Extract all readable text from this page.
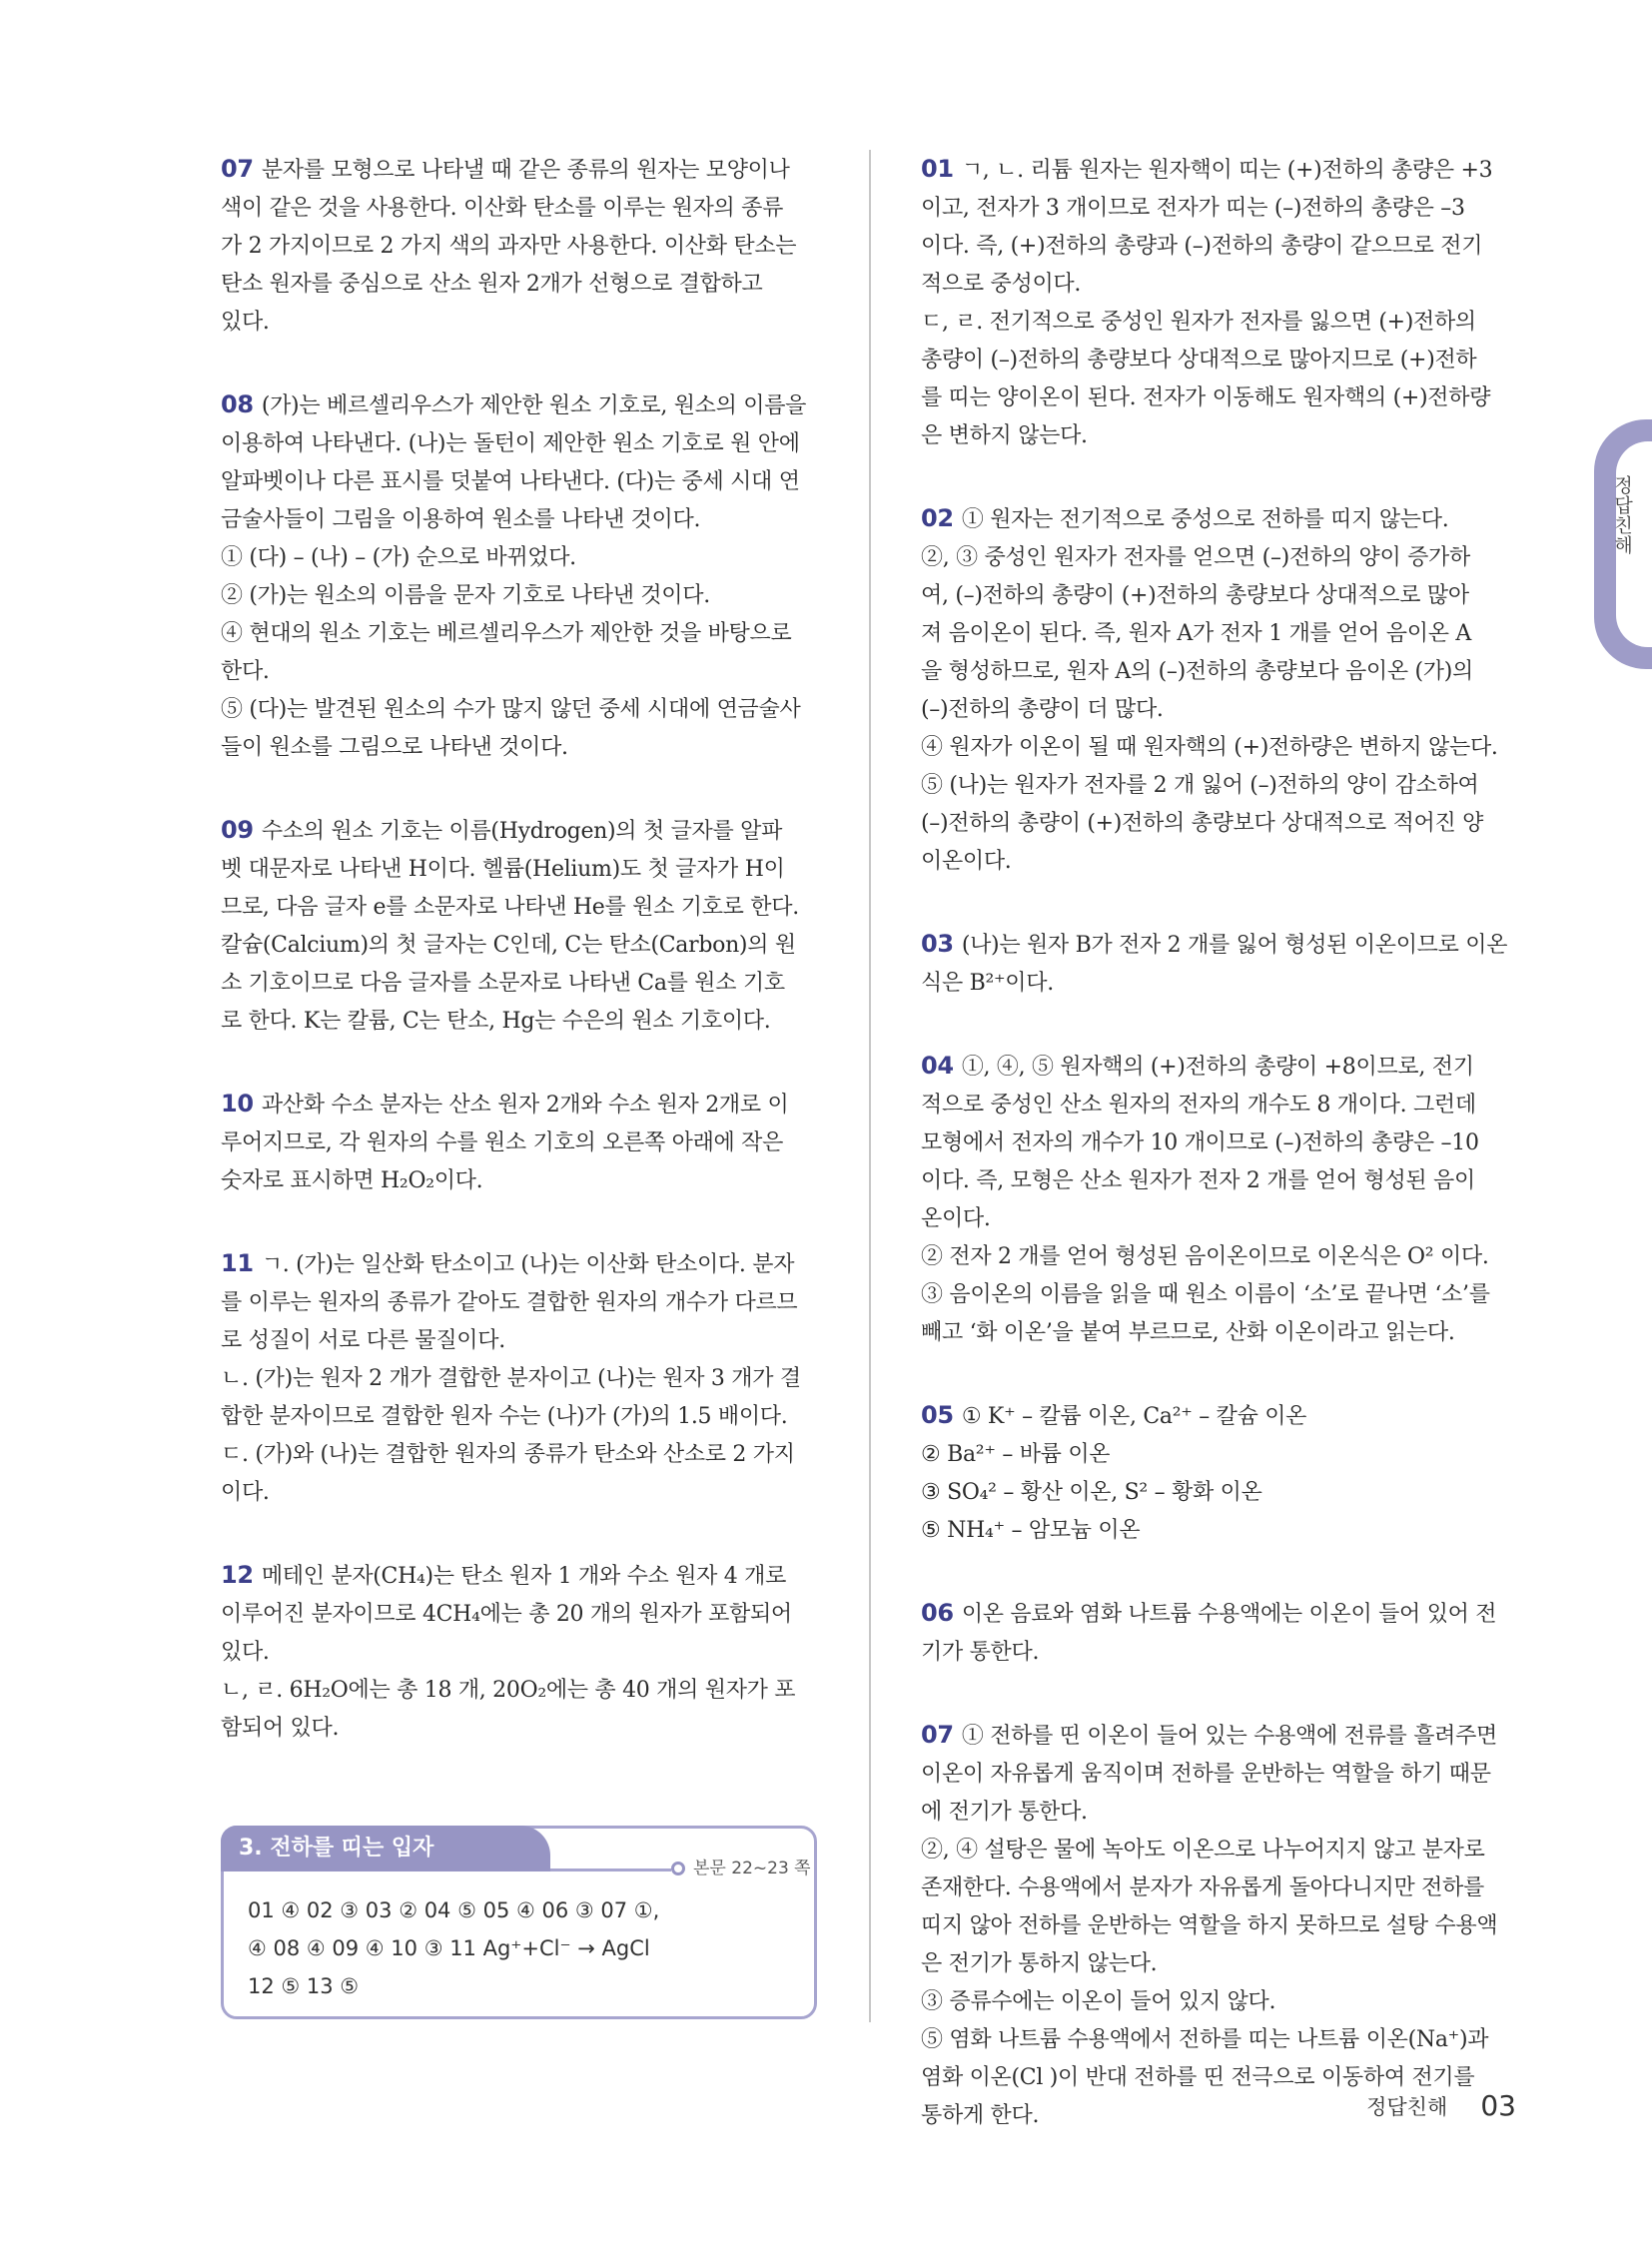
07 분자를 모형으로 나타낼 때 같은 종류의 원자는 모양이나

색이 같은 것을 사용한다. 이산화 탄소를 이루는 원자의 종류

가 2 가지이므로 2 가지 색의 과자만 사용한다. 이산화 탄소는

탄소 원자를 중심으로 산소 원자 2개가 선형으로 결합하고

있다.

08 (가)는 베르셀리우스가 제안한 원소 기호로, 원소의 이름을

이용하여 나타낸다. (나)는 돌턴이 제안한 원소 기호로 원 안에

알파벳이나 다른 표시를 덧붙여 나타낸다. (다)는 중세 시대 연

금술사들이 그림을 이용하여 원소를 나타낸 것이다.

① (다) – (나) – (가) 순으로 바뀌었다.

② (가)는 원소의 이름을 문자 기호로 나타낸 것이다.

④ 현대의 원소 기호는 베르셀리우스가 제안한 것을 바탕으로

한다.

⑤ (다)는 발견된 원소의 수가 많지 않던 중세 시대에 연금술사

들이 원소를 그림으로 나타낸 것이다.

09 수소의 원소 기호는 이름(Hydrogen)의 첫 글자를 알파

벳 대문자로 나타낸 H이다. 헬륨(Helium)도 첫 글자가 H이

므로, 다음 글자 e를 소문자로 나타낸 He를 원소 기호로 한다.

칼슘(Calcium)의 첫 글자는 C인데, C는 탄소(Carbon)의 원

소 기호이므로 다음 글자를 소문자로 나타낸 Ca를 원소 기호

로 한다. K는 칼륨, C는 탄소, Hg는 수은의 원소 기호이다.

10 과산화 수소 분자는 산소 원자 2개와 수소 원자 2개로 이

루어지므로, 각 원자의 수를 원소 기호의 오른쪽 아래에 작은

숫자로 표시하면 H₂O₂이다.

11 ㄱ. (가)는 일산화 탄소이고 (나)는 이산화 탄소이다. 분자

를 이루는 원자의 종류가 같아도 결합한 원자의 개수가 다르므

로 성질이 서로 다른 물질이다.

ㄴ. (가)는 원자 2 개가 결합한 분자이고 (나)는 원자 3 개가 결

합한 분자이므로 결합한 원자 수는 (나)가 (가)의 1.5 배이다.

ㄷ. (가)와 (나)는 결합한 원자의 종류가 탄소와 산소로 2 가지

이다.

12 메테인 분자(CH₄)는 탄소 원자 1 개와 수소 원자 4 개로

이루어진 분자이므로 4CH₄에는 총 20 개의 원자가 포함되어

있다.

ㄴ, ㄹ. 6H₂O에는 총 18 개, 20O₂에는 총 40 개의 원자가 포

함되어 있다.

01 ㄱ, ㄴ. 리튬 원자는 원자핵이 띠는 (+)전하의 총량은 +3

이고, 전자가 3 개이므로 전자가 띠는 (–)전하의 총량은 –3

이다. 즉, (+)전하의 총량과 (–)전하의 총량이 같으므로 전기

적으로 중성이다.

ㄷ, ㄹ. 전기적으로 중성인 원자가 전자를 잃으면 (+)전하의

총량이 (–)전하의 총량보다 상대적으로 많아지므로 (+)전하

를 띠는 양이온이 된다. 전자가 이동해도 원자핵의 (+)전하량

은 변하지 않는다.

02 ① 원자는 전기적으로 중성으로 전하를 띠지 않는다.

②, ③ 중성인 원자가 전자를 얻으면 (–)전하의 양이 증가하

여, (–)전하의 총량이 (+)전하의 총량보다 상대적으로 많아

져 음이온이 된다. 즉, 원자 A가 전자 1 개를 얻어 음이온 A

을 형성하므로, 원자 A의 (–)전하의 총량보다 음이온 (가)의

(–)전하의 총량이 더 많다.

④ 원자가 이온이 될 때 원자핵의 (+)전하량은 변하지 않는다.

⑤ (나)는 원자가 전자를 2 개 잃어 (–)전하의 양이 감소하여

(–)전하의 총량이 (+)전하의 총량보다 상대적으로 적어진 양

이온이다.

03 (나)는 원자 B가 전자 2 개를 잃어 형성된 이온이므로 이온

식은 B²⁺이다.

04 ①, ④, ⑤ 원자핵의 (+)전하의 총량이 +8이므로, 전기

적으로 중성인 산소 원자의 전자의 개수도 8 개이다. 그런데

모형에서 전자의 개수가 10 개이므로 (–)전하의 총량은 –10

이다. 즉, 모형은 산소 원자가 전자 2 개를 얻어 형성된 음이

온이다.

② 전자 2 개를 얻어 형성된 음이온이므로 이온식은 O² 이다.

③ 음이온의 이름을 읽을 때 원소 이름이 ‘소’로 끝나면 ‘소’를

빼고 ‘화 이온’을 붙여 부르므로, 산화 이온이라고 읽는다.

05 ① K⁺ – 칼륨 이온, Ca²⁺ – 칼슘 이온

② Ba²⁺ – 바륨 이온

③ SO₄² – 황산 이온, S² – 황화 이온

⑤ NH₄⁺ – 암모늄 이온

06 이온 음료와 염화 나트륨 수용액에는 이온이 들어 있어 전

기가 통한다.

07 ① 전하를 띤 이온이 들어 있는 수용액에 전류를 흘려주면

이온이 자유롭게 움직이며 전하를 운반하는 역할을 하기 때문

에 전기가 통한다.

②, ④ 설탕은 물에 녹아도 이온으로 나누어지지 않고 분자로

존재한다. 수용액에서 분자가 자유롭게 돌아다니지만 전하를

띠지 않아 전하를 운반하는 역할을 하지 못하므로 설탕 수용액

은 전기가 통하지 않는다.

③ 증류수에는 이온이 들어 있지 않다.

⑤ 염화 나트륨 수용액에서 전하를 띠는 나트륨 이온(Na⁺)과

염화 이온(Cl )이 반대 전하를 띤 전극으로 이동하여 전기를

통하게 한다.

정답친해
3. 전하를 띠는 입자
본문 22~23 쪽

01 ④ 02 ③ 03 ② 04 ⑤ 05 ④ 06 ③ 07 ①,

④ 08 ④ 09 ④ 10 ③ 11 Ag⁺+Cl⁻ → AgCl

12 ⑤ 13 ⑤

정답친해 03
